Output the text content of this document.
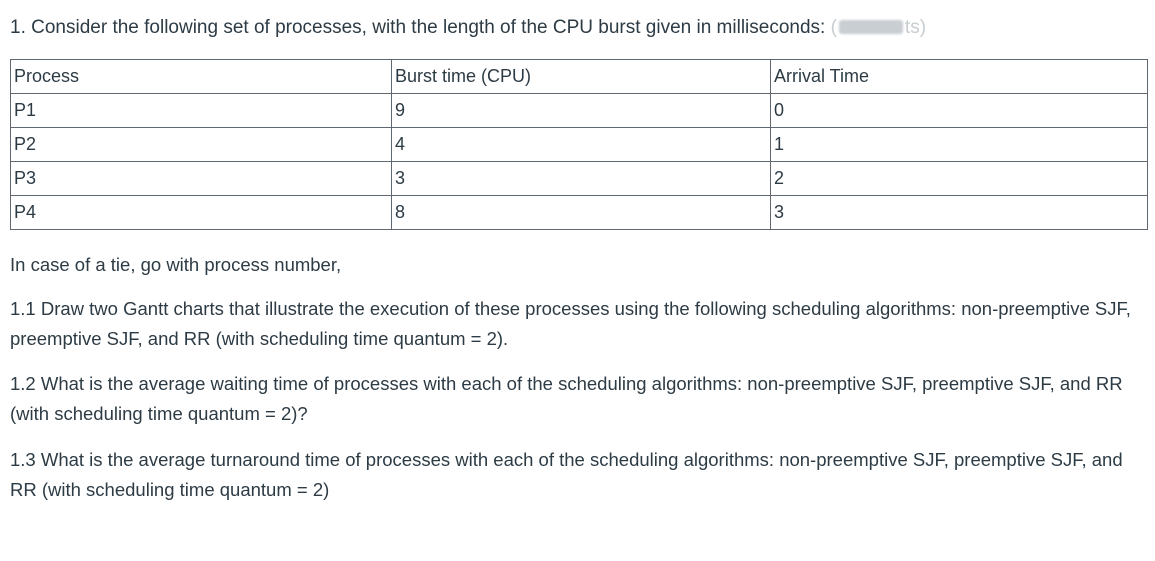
1. Consider the following set of processes, with the length of the CPU burst given in milliseconds: (	ts)
Process	Burst time (CPU)	Arrival Time
P1	9	0
P2	4	1
P3	3	2
P4	8	3
In case of a tie, go with process number,
1.1 Draw two Gantt charts that illustrate the execution of these processes using the following scheduling algorithms: non-preemptive SJF, preemptive SJF, and RR (with scheduling time quantum = 2).
1.2 What is the average waiting time of processes with each of the scheduling algorithms: non-preemptive SJF, preemptive SJF, and RR (with scheduling time quantum = 2)?
1.3 What is the average turnaround time of processes with each of the scheduling algorithms: non-preemptive SJF, preemptive SJF, and RR (with scheduling time quantum = 2)
